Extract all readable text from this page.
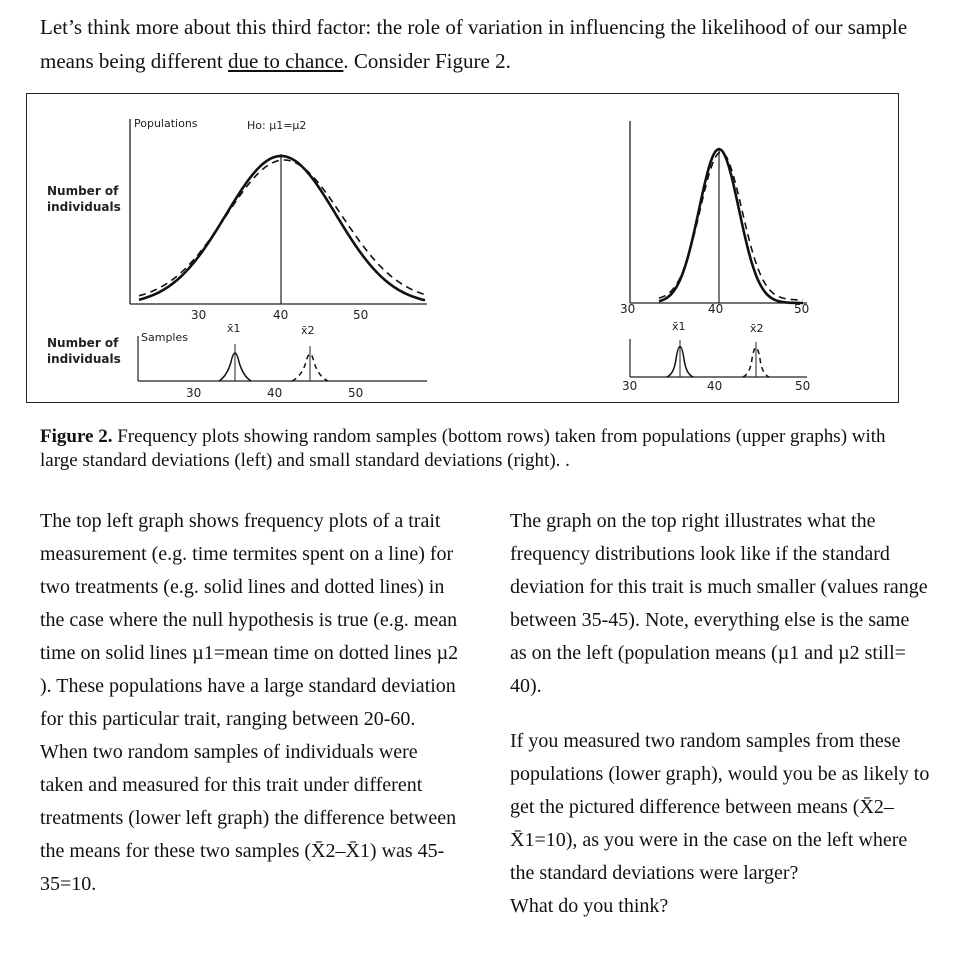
Let’s think more about this third factor: the role of variation in influencing the likelihood of our sample means being different due to chance. Consider Figure 2.
Number of
individuals
Populations	Ho: µ1=µ2
30	40	50
Number of
individuals
Samples
x̄1	x̄2
30	40	50
30	40	50
x̄1	x̄2
30	40	50
Figure 2. Frequency plots showing random samples (bottom rows) taken from populations (upper graphs) with large standard deviations (left) and small standard deviations (right). .
The top left graph shows frequency plots of a trait measurement (e.g. time termites spent on a line) for two treatments (e.g. solid lines and dotted lines) in the case where the null hypothesis is true (e.g. mean time on solid lines µ1=mean time on dotted lines µ2 ). These populations have a large standard deviation for this particular trait, ranging between 20-60. When two random samples of individuals were taken and measured for this trait under different treatments (lower left graph) the difference between the means for these two samples (X̄2–X̄1) was 45-35=10.
The graph on the top right illustrates what the frequency distributions look like if the standard deviation for this trait is much smaller (values range between 35-45). Note, everything else is the same as on the left (population means (µ1 and µ2 still= 40).
If you measured two random samples from these populations (lower graph), would you be as likely to get the pictured difference between means (X̄2–X̄1=10), as you were in the case on the left where the standard deviations were larger?
What do you think?
